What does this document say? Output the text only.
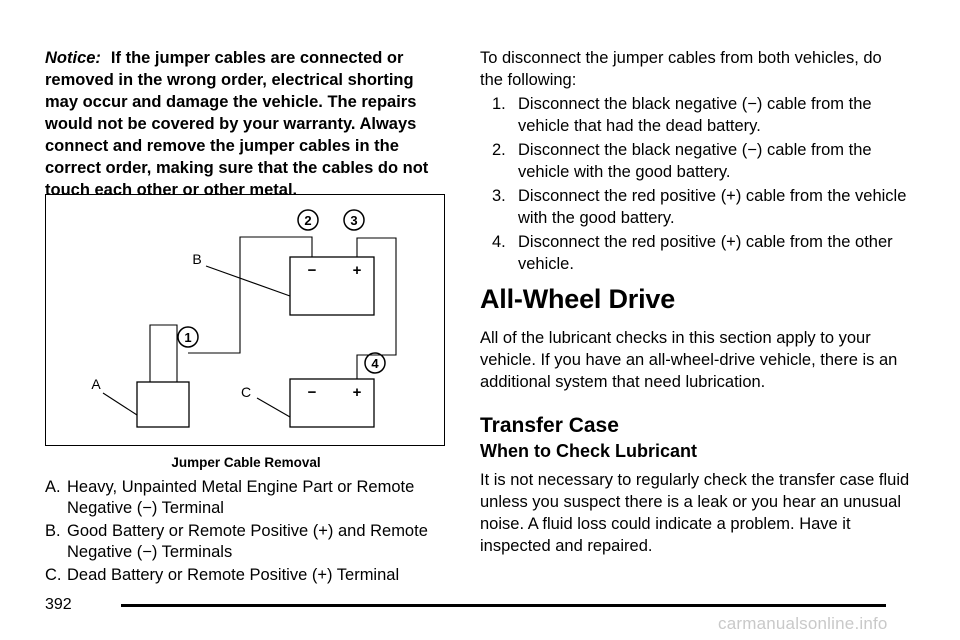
Notice: If the jumper cables are connected or removed in the wrong order, electrical shorting may occur and damage the vehicle. The repairs would not be covered by your warranty. Always connect and remove the jumper cables in the correct order, making sure that the cables do not touch each other or other metal.

− +
− +
B
A	C
1
2	3
4
Jumper Cable Removal
A. Heavy, Unpainted Metal Engine Part or Remote Negative (−) Terminal
B. Good Battery or Remote Positive (+) and Remote Negative (−) Terminals
C. Dead Battery or Remote Positive (+) Terminal

To disconnect the jumper cables from both vehicles, do the following:

1. Disconnect the black negative (−) cable from the vehicle that had the dead battery.
2. Disconnect the black negative (−) cable from the vehicle with the good battery.
3. Disconnect the red positive (+) cable from the vehicle with the good battery.
4. Disconnect the red positive (+) cable from the other vehicle.
All-Wheel Drive

All of the lubricant checks in this section apply to your vehicle. If you have an all-wheel-drive vehicle, there is an additional system that need lubrication.

Transfer Case
When to Check Lubricant

It is not necessary to regularly check the transfer case fluid unless you suspect there is a leak or you hear an unusual noise. A fluid loss could indicate a problem. Have it inspected and repaired.

392
carmanualsonline.info
